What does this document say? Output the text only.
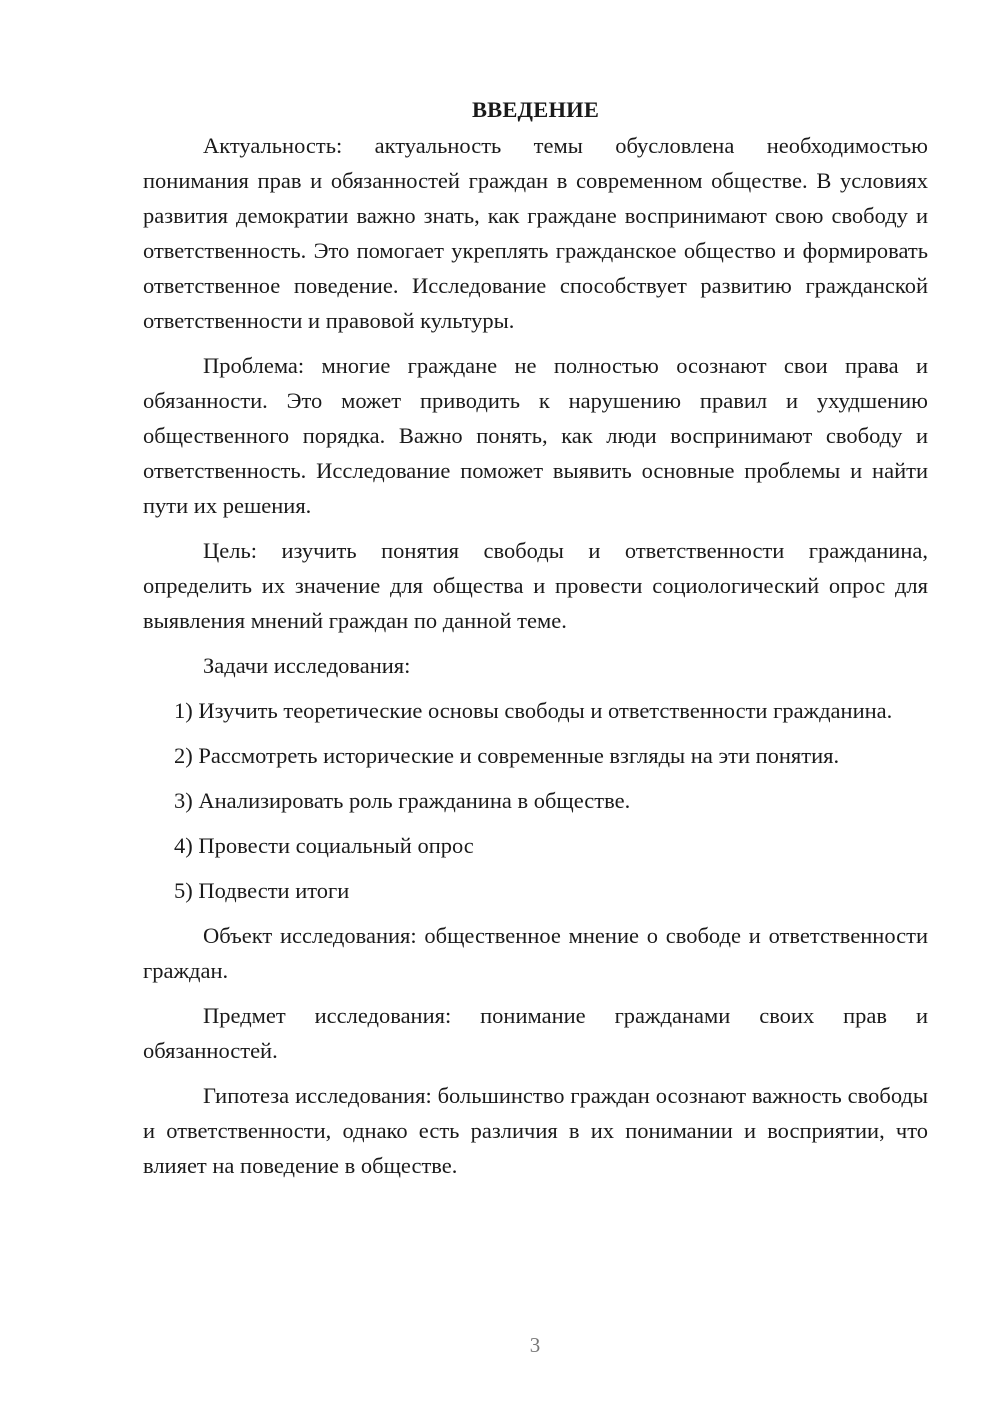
ВВЕДЕНИЕ

Актуальность: актуальность темы обусловлена необходимостью понимания прав и обязанностей граждан в современном обществе. В условиях развития демократии важно знать, как граждане воспринимают свою свободу и ответственность. Это помогает укреплять гражданское общество и формировать ответственное поведение. Исследование способствует развитию гражданской ответственности и правовой культуры.

Проблема: многие граждане не полностью осознают свои права и обязанности. Это может приводить к нарушению правил и ухудшению общественного порядка. Важно понять, как люди воспринимают свободу и ответственность. Исследование поможет выявить основные проблемы и найти пути их решения.

Цель: изучить понятия свободы и ответственности гражданина, определить их значение для общества и провести социологический опрос для выявления мнений граждан по данной теме.

Задачи исследования:

1) Изучить теоретические основы свободы и ответственности гражданина.

2) Рассмотреть исторические и современные взгляды на эти понятия.

3) Анализировать роль гражданина в обществе.

4) Провести социальный опрос

5) Подвести итоги

Объект исследования: общественное мнение о свободе и ответственности граждан.

Предмет исследования: понимание гражданами своих прав и обязанностей.

Гипотеза исследования: большинство граждан осознают важность свободы и ответственности, однако есть различия в их понимании и восприятии, что влияет на поведение в обществе.

3
